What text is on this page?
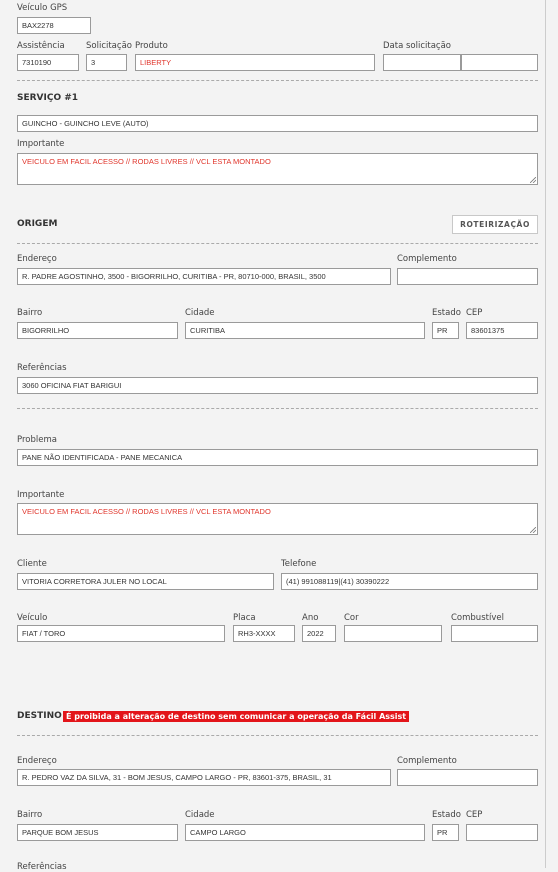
Veículo GPS
BAX2278
Assistência
7310190
Solicitação
3
Produto
LIBERTY
Data solicitação
SERVIÇO #1
GUINCHO - GUINCHO LEVE (AUTO)
Importante
VEICULO EM FACIL ACESSO // RODAS LIVRES // VCL ESTA MONTADO
ORIGEM	ROTEIRIZAÇÃO
Endereço
R. PADRE AGOSTINHO, 3500 - BIGORRILHO, CURITIBA - PR, 80710-000, BRASIL, 3500
Complemento
Bairro
BIGORRILHO
Cidade
CURITIBA
Estado
PR
CEP
83601375
Referências
3060 OFICINA FIAT BARIGUI
Problema
PANE NÃO IDENTIFICADA - PANE MECANICA
Importante
VEICULO EM FACIL ACESSO // RODAS LIVRES // VCL ESTA MONTADO
Cliente
VITORIA CORRETORA JULER NO LOCAL
Telefone
(41) 991088119|(41) 30390222
Veículo
FIAT / TORO
Placa
RH3-XXXX
Ano
2022
Cor	Combustível
DESTINO É proibida a alteração de destino sem comunicar a operação da Fácil Assist
Endereço
R. PEDRO VAZ DA SILVA, 31 - BOM JESUS, CAMPO LARGO - PR, 83601-375, BRASIL, 31
Complemento
Bairro
PARQUE BOM JESUS
Cidade
CAMPO LARGO
Estado
PR
CEP
Referências
